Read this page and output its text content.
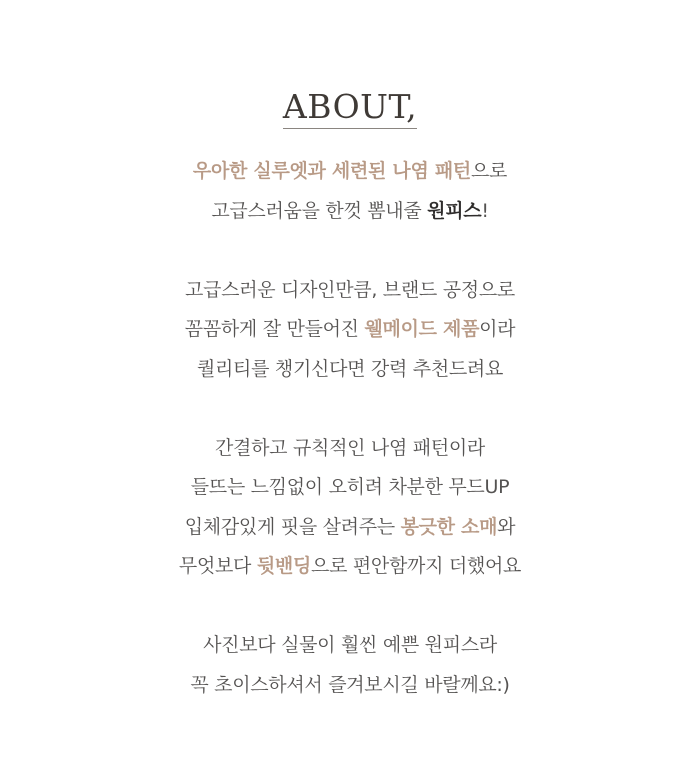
ABOUT,
우아한 실루엣과 세련된 나염 패턴으로
고급스러움을 한껏 뽐내줄 원피스!
고급스러운 디자인만큼, 브랜드 공정으로
꼼꼼하게 잘 만들어진 웰메이드 제품이라
퀄리티를 챙기신다면 강력 추천드려요
간결하고 규칙적인 나염 패턴이라
들뜨는 느낌없이 오히려 차분한 무드UP
입체감있게 핏을 살려주는 봉긋한 소매와
무엇보다 뒷밴딩으로 편안함까지 더했어요
사진보다 실물이 훨씬 예쁜 원피스라
꼭 초이스하셔서 즐겨보시길 바랄께요:)
